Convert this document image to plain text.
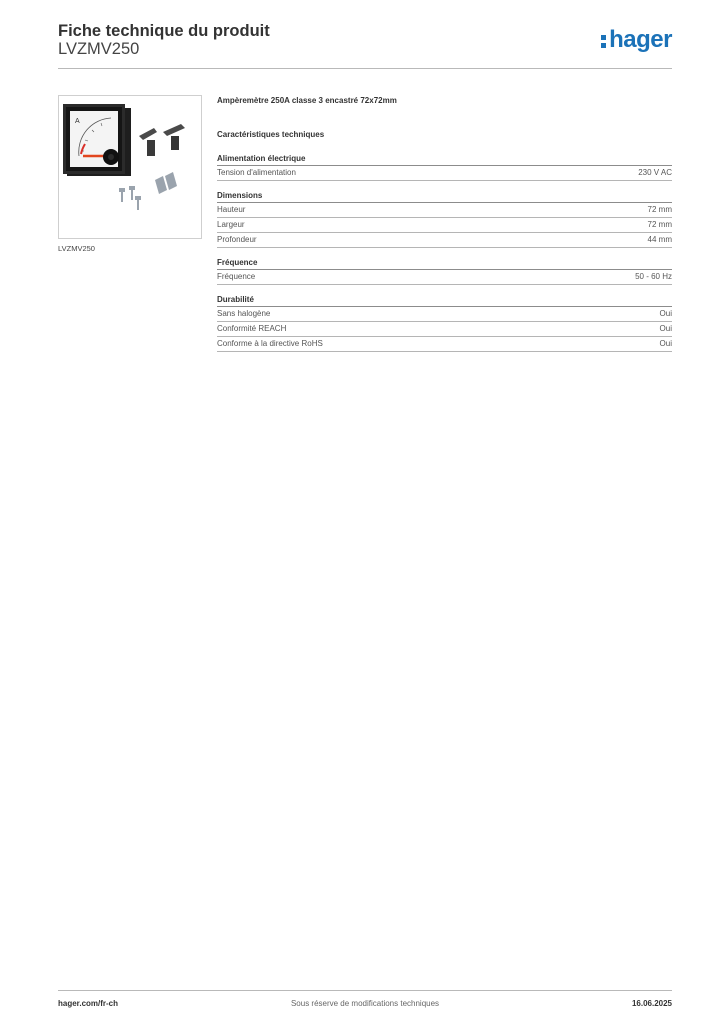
Fiche technique du produit
LVZMV250	hager
A
LVZMV250
Ampèremètre 250A classe 3 encastré 72x72mm
Caractéristiques techniques
Alimentation électrique
Tension d'alimentation	230 V AC
Dimensions
Hauteur	72 mm
Largeur	72 mm
Profondeur	44 mm
Fréquence
Fréquence	50 - 60 Hz
Durabilité
Sans halogène	Oui
Conformité REACH	Oui
Conforme à la directive RoHS	Oui
hager.com/fr-ch	Sous réserve de modifications techniques	16.06.2025
